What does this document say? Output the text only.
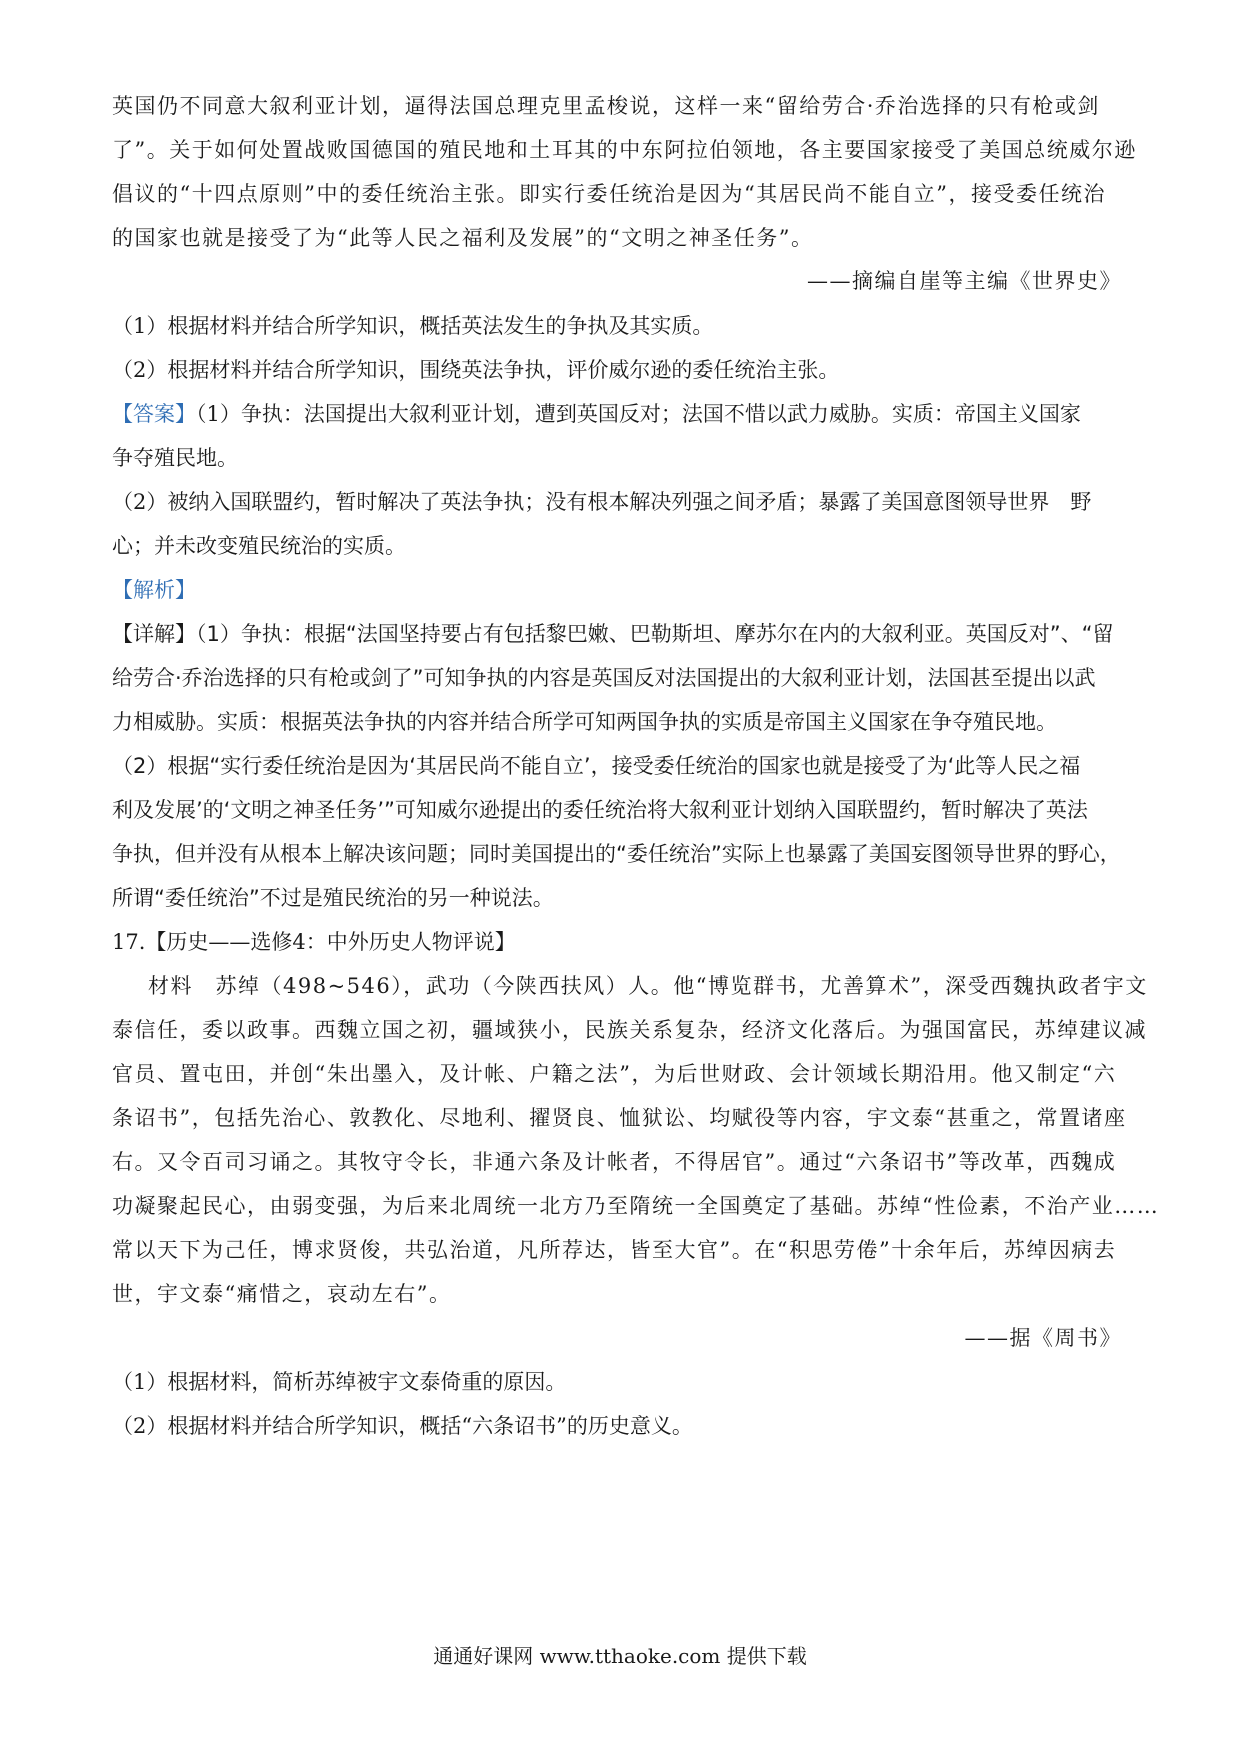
英国仍不同意大叙利亚计划，逼得法国总理克里孟梭说，这样一来“留给劳合·乔治选择的只有枪或剑
了”。关于如何处置战败国德国的殖民地和土耳其的中东阿拉伯领地，各主要国家接受了美国总统威尔逊
倡议的“十四点原则”中的委任统治主张。即实行委任统治是因为“其居民尚不能自立”，接受委任统治
的国家也就是接受了为“此等人民之福利及发展”的“文明之神圣任务”。
——摘编自崖等主编《世界史》
（1）根据材料并结合所学知识，概括英法发生的争执及其实质。
（2）根据材料并结合所学知识，围绕英法争执，评价威尔逊的委任统治主张。
【答案】（1）争执：法国提出大叙利亚计划，遭到英国反对；法国不惜以武力威胁。实质：帝国主义国家
争夺殖民地。
（2）被纳入国联盟约，暂时解决了英法争执；没有根本解决列强之间矛盾；暴露了美国意图领导世界　野
心；并未改变殖民统治的实质。
【解析】
【详解】（1）争执：根据“法国坚持要占有包括黎巴嫩、巴勒斯坦、摩苏尔在内的大叙利亚。英国反对”、“留
给劳合·乔治选择的只有枪或剑了”可知争执的内容是英国反对法国提出的大叙利亚计划，法国甚至提出以武
力相威胁。实质：根据英法争执的内容并结合所学可知两国争执的实质是帝国主义国家在争夺殖民地。
（2）根据“实行委任统治是因为‘其居民尚不能自立’，接受委任统治的国家也就是接受了为‘此等人民之福
利及发展’的‘文明之神圣任务’”可知威尔逊提出的委任统治将大叙利亚计划纳入国联盟约，暂时解决了英法
争执，但并没有从根本上解决该问题；同时美国提出的“委任统治”实际上也暴露了美国妄图领导世界的野心，
所谓“委任统治”不过是殖民统治的另一种说法。
17.【历史——选修4：中外历史人物评说】
材料　苏绰（498~546），武功（今陕西扶风）人。他“博览群书，尤善算术”，深受西魏执政者宇文
泰信任，委以政事。西魏立国之初，疆域狭小，民族关系复杂，经济文化落后。为强国富民，苏绰建议减
官员、置屯田，并创“朱出墨入，及计帐、户籍之法”，为后世财政、会计领域长期沿用。他又制定“六
条诏书”，包括先治心、敦教化、尽地利、擢贤良、恤狱讼、均赋役等内容，宇文泰“甚重之，常置诸座
右。又令百司习诵之。其牧守令长，非通六条及计帐者，不得居官”。通过“六条诏书”等改革，西魏成
功凝聚起民心，由弱变强，为后来北周统一北方乃至隋统一全国奠定了基础。苏绰“性俭素，不治产业……
常以天下为己任，博求贤俊，共弘治道，凡所荐达，皆至大官”。在“积思劳倦”十余年后，苏绰因病去
世，宇文泰“痛惜之，哀动左右”。
——据《周书》
（1）根据材料，简析苏绰被宇文泰倚重的原因。
（2）根据材料并结合所学知识，概括“六条诏书”的历史意义。
通通好课网 www.tthaoke.com 提供下载
